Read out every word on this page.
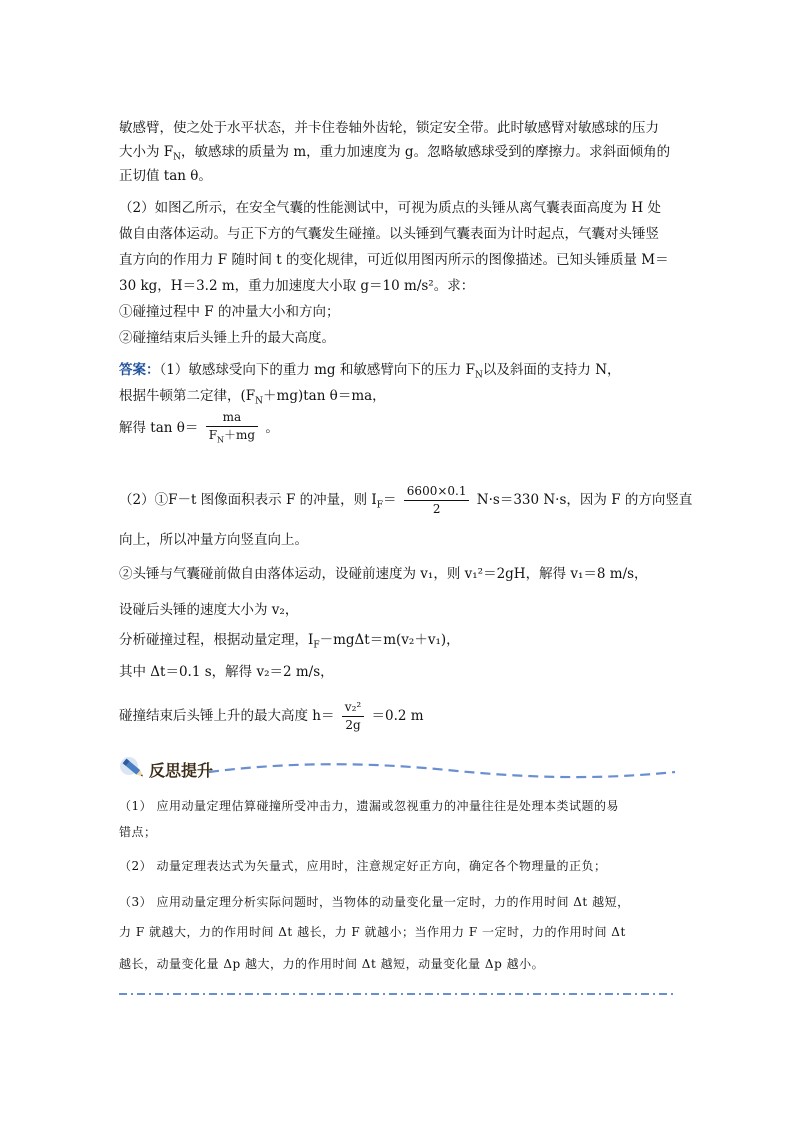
敏感臂，使之处于水平状态，并卡住卷轴外齿轮，锁定安全带。此时敏感臂对敏感球的压力
大小为 $F_N$，敏感球的质量为 m，重力加速度为 g。忽略敏感球受到的摩擦力。求斜面倾角的
正切值 tan θ。
（2）如图乙所示，在安全气囊的性能测试中，可视为质点的头锤从离气囊表面高度为 H 处
做自由落体运动。与正下方的气囊发生碰撞。以头锤到气囊表面为计时起点，气囊对头锤竖
直方向的作用力 F 随时间 t 的变化规律，可近似用图丙所示的图像描述。已知头锤质量 M＝
30 kg，H＝3.2 m，重力加速度大小取 g＝10 m/s²。求：
①碰撞过程中 F 的冲量大小和方向；
②碰撞结束后头锤上升的最大高度。
答案：（1）敏感球受向下的重力 mg 和敏感臂向下的压力 $F_N$以及斜面的支持力 N，
根据牛顿第二定律，$(F_N+mg)\tan$ θ＝ma，
解得 $\tan \theta= \frac{ma}{F_N+mg}$ 。
（2）①F－t 图像面积表示 F 的冲量，则 $I_F= \frac{6600\times 0.1}{2} N\cdot s=330$ N·s，因为 F 的方向竖直
向上，所以冲量方向竖直向上。
②头锤与气囊碰前做自由落体运动，设碰前速度为 v₁，则 v₁²＝2gH，解得 v₁＝8 m/s，
设碰后头锤的速度大小为 v₂，
分析碰撞过程，根据动量定理，$I_F-mg\Delta t=m(v_2+v_1)$，
其中 Δt＝0.1 s，解得 v₂＝2 m/s，
碰撞结束后头锤上升的最大高度 $h= \frac{\text{v₂²}}{2g} =0.2$ m
反思提升
（1） 应用动量定理估算碰撞所受冲击力，遗漏或忽视重力的冲量往往是处理本类试题的易
错点；
（2） 动量定理表达式为矢量式，应用时，注意规定好正方向，确定各个物理量的正负；
（3） 应用动量定理分析实际问题时，当物体的动量变化量一定时，力的作用时间 Δt 越短，
力 F 就越大，力的作用时间 Δt 越长，力 F 就越小；当作用力 F 一定时，力的作用时间 Δt
越长，动量变化量 Δp 越大，力的作用时间 Δt 越短，动量变化量 Δp 越小。
